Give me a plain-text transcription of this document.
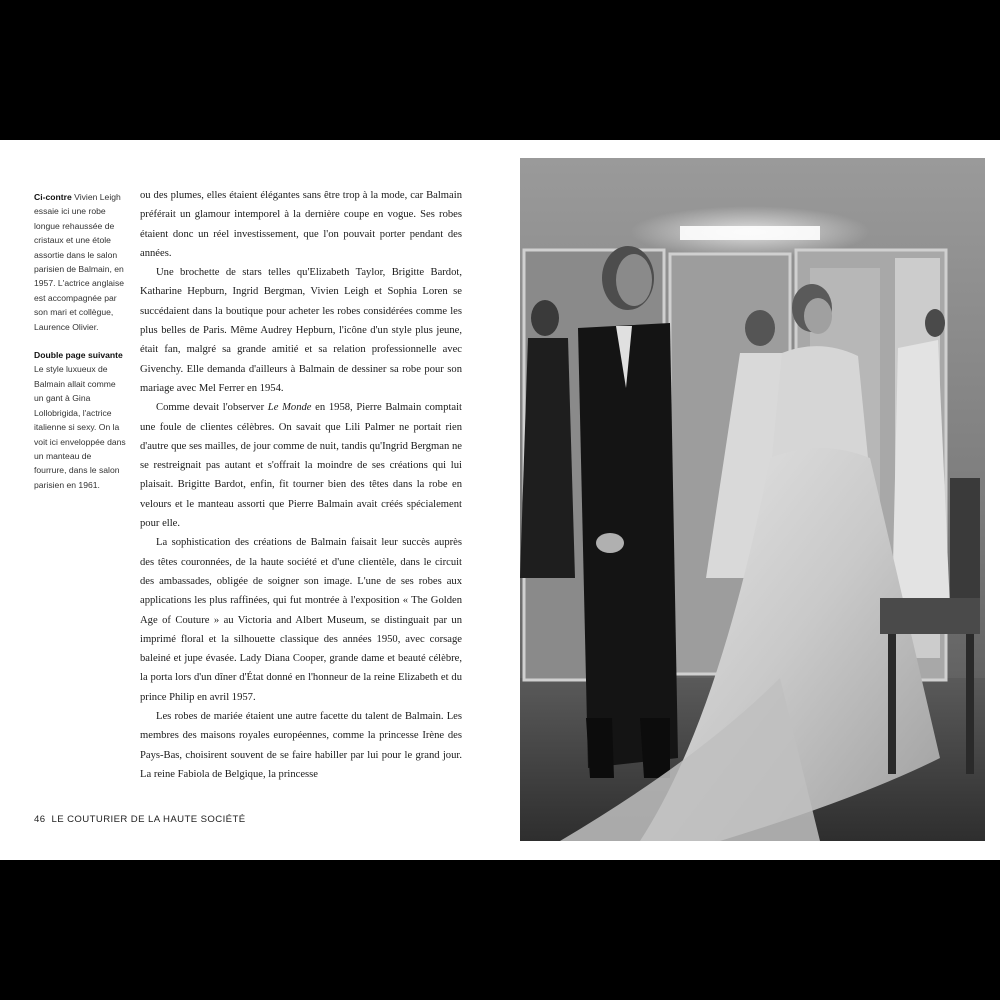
Ci-contre Vivien Leigh essaie ici une robe longue rehaussée de cristaux et une étole assortie dans le salon parisien de Balmain, en 1957. L'actrice anglaise est accompagnée par son mari et collègue, Laurence Olivier.

Double page suivante Le style luxueux de Balmain allait comme un gant à Gina Lollobrigida, l'actrice italienne si sexy. On la voit ici enveloppée dans un manteau de fourrure, dans le salon parisien en 1961.

ou des plumes, elles étaient élégantes sans être trop à la mode, car Balmain préférait un glamour intemporel à la dernière coupe en vogue. Ses robes étaient donc un réel investissement, que l'on pouvait porter pendant des années.

Une brochette de stars telles qu'Elizabeth Taylor, Brigitte Bardot, Katharine Hepburn, Ingrid Bergman, Vivien Leigh et Sophia Loren se succédaient dans la boutique pour acheter les robes considérées comme les plus belles de Paris. Même Audrey Hepburn, l'icône d'un style plus jeune, était fan, malgré sa grande amitié et sa relation professionnelle avec Givenchy. Elle demanda d'ailleurs à Balmain de dessiner sa robe pour son mariage avec Mel Ferrer en 1954.

Comme devait l'observer Le Monde en 1958, Pierre Balmain comptait une foule de clientes célèbres. On savait que Lili Palmer ne portait rien d'autre que ses mailles, de jour comme de nuit, tandis qu'Ingrid Bergman ne se restreignait pas autant et s'offrait la moindre de ses créations qui lui plaisait. Brigitte Bardot, enfin, fit tourner bien des têtes dans la robe en velours et le manteau assorti que Pierre Balmain avait créés spécialement pour elle.

La sophistication des créations de Balmain faisait leur succès auprès des têtes couronnées, de la haute société et d'une clientèle, dans le circuit des ambassades, obligée de soigner son image. L'une de ses robes aux applications les plus raffinées, qui fut montrée à l'exposition « The Golden Age of Couture » au Victoria and Albert Museum, se distinguait par un imprimé floral et la silhouette classique des années 1950, avec corsage baleiné et jupe évasée. Lady Diana Cooper, grande dame et beauté célèbre, la porta lors d'un dîner d'État donné en l'honneur de la reine Elizabeth et du prince Philip en avril 1957.

Les robes de mariée étaient une autre facette du talent de Balmain. Les membres des maisons royales européennes, comme la princesse Irène des Pays-Bas, choisirent souvent de se faire habiller par lui pour le grand jour. La reine Fabiola de Belgique, la princesse

46 LE COUTURIER DE LA HAUTE SOCIÉTÉ
